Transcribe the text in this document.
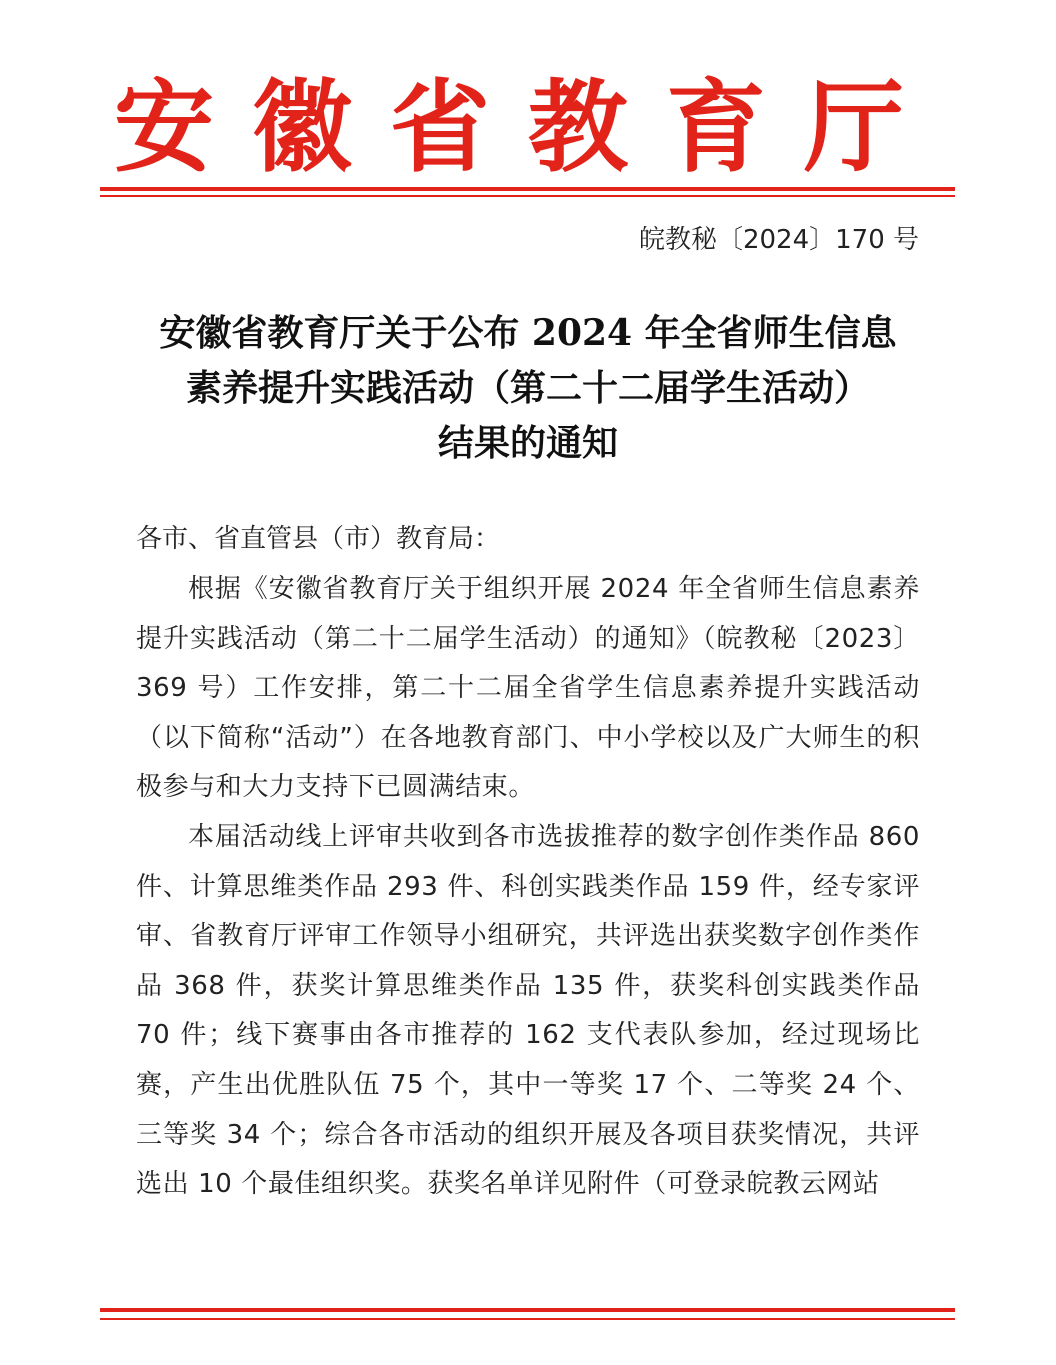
安徽省教育厅
皖教秘〔2024〕170 号
安徽省教育厅关于公布 2024 年全省师生信息
素养提升实践活动（第二十二届学生活动）
结果的通知
各市、省直管县（市）教育局：
根据《安徽省教育厅关于组织开展 2024 年全省师生信息素养提升实践活动（第二十二届学生活动）的通知》（皖教秘〔2023〕369 号）工作安排，第二十二届全省学生信息素养提升实践活动（以下简称“活动”）在各地教育部门、中小学校以及广大师生的积极参与和大力支持下已圆满结束。
本届活动线上评审共收到各市选拔推荐的数字创作类作品 860 件、计算思维类作品 293 件、科创实践类作品 159 件，经专家评审、省教育厅评审工作领导小组研究，共评选出获奖数字创作类作品 368 件，获奖计算思维类作品 135 件，获奖科创实践类作品 70 件；线下赛事由各市推荐的 162 支代表队参加，经过现场比赛，产生出优胜队伍 75 个，其中一等奖 17 个、二等奖 24 个、三等奖 34 个；综合各市活动的组织开展及各项目获奖情况，共评选出 10 个最佳组织奖。获奖名单详见附件（可登录皖教云网站
